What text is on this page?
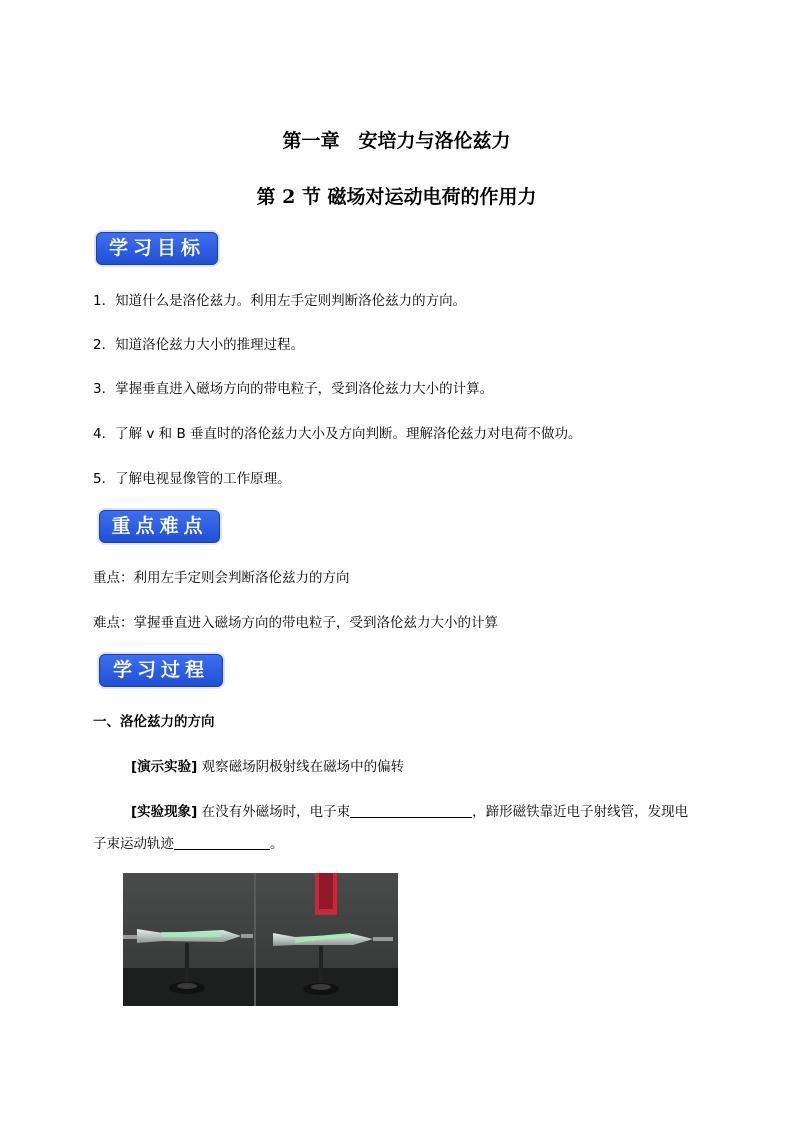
第一章　安培力与洛伦兹力
第 2 节 磁场对运动电荷的作用力
学习目标
1．知道什么是洛伦兹力。利用左手定则判断洛伦兹力的方向。
2．知道洛伦兹力大小的推理过程。
3．掌握垂直进入磁场方向的带电粒子，受到洛伦兹力大小的计算。
4．了解 v 和 B 垂直时的洛伦兹力大小及方向判断。理解洛伦兹力对电荷不做功。
5．了解电视显像管的工作原理。
重点难点
重点：利用左手定则会判断洛伦兹力的方向
难点：掌握垂直进入磁场方向的带电粒子，受到洛伦兹力大小的计算
学习过程
一、洛伦兹力的方向
[演示实验] 观察磁场阴极射线在磁场中的偏转
[实验现象] 在没有外磁场时，电子束	，蹄形磁铁靠近电子射线管，发现电
子束运动轨迹	。
